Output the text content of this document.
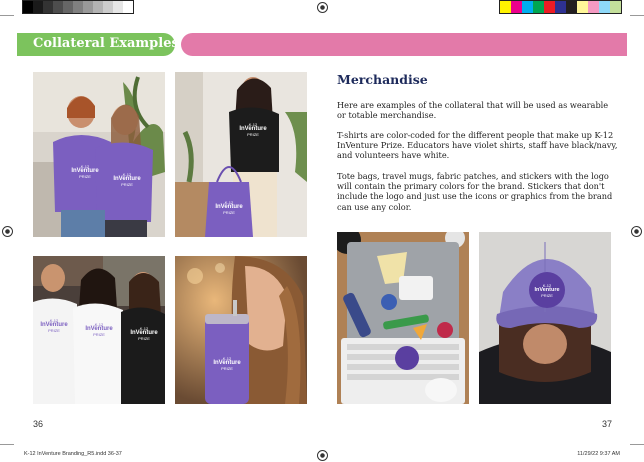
Collateral Examples
K-12
InVenture
PRIZE	K-12
InVenture
PRIZE
K-12
InVenture
PRIZE
K-12
InVenture
PRIZE
K-12
InVenture
PRIZE
K-12
InVenture
PRIZE
K-12
InVenture
PRIZE
K-12
InVenture
PRIZE
Merchandise
Here are examples of the collateral that will be used as wearable or totable merchandise.
T-shirts are color-coded for the different people that make up K-12 InVenture Prize. Educators have violet shirts, staff have black/navy, and volunteers have white.
Tote bags, travel mugs, fabric patches, and stickers with the logo will contain the primary colors for the brand. Stickers that don't include the logo and just use the icons or graphics from the brand can use any color.
K-12
InVenture
PRIZE
36	37
K-12 InVenture Branding_R5.indd 36-37	11/29/22 9:37 AM
